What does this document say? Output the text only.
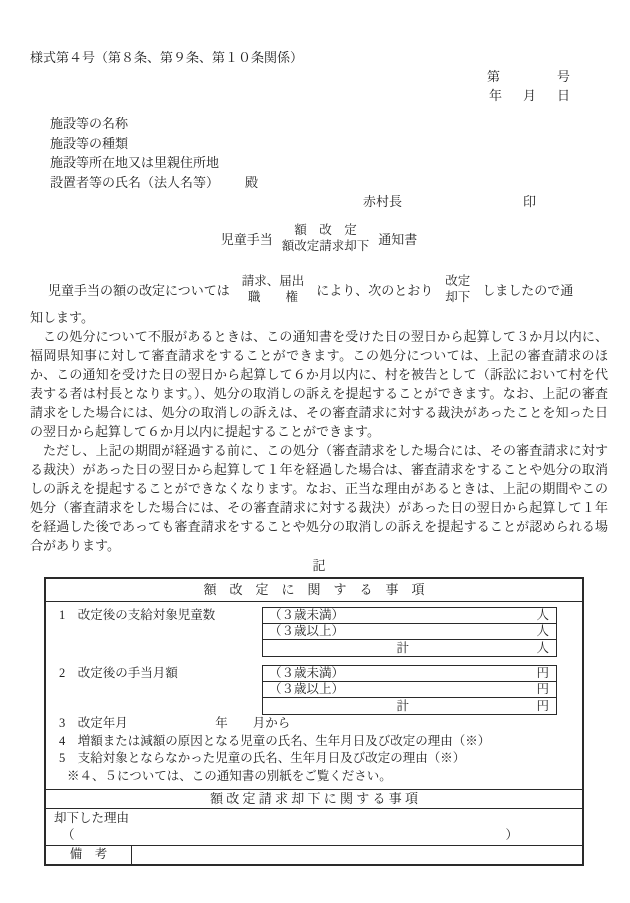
様式第４号（第８条、第９条、第１０条関係）
第	号
年 月 日
施設等の名称
施設等の種類
施設等所在地又は里親住所地
設置者等の氏名（法人名等） 殿
赤村長	印
児童手当
額　改　定
額改定請求却下 通知書
児童手当の額の改定については
請求、届出
職　　権	により、次のとおり
改定
却下 しましたので通

知します。

この処分について不服があるときは、この通知書を受けた日の翌日から起算して３か月以内に、福岡県知事に対して審査請求をすることができます。この処分については、上記の審査請求のほか、この通知を受けた日の翌日から起算して６か月以内に、村を被告として（訴訟において村を代表する者は村長となります。）、処分の取消しの訴えを提起することができます。なお、上記の審査請求をした場合には、処分の取消しの訴えは、その審査請求に対する裁決があったことを知った日の翌日から起算して６か月以内に提起することができます。

ただし、上記の期間が経過する前に、この処分（審査請求をした場合には、その審査請求に対する裁決）があった日の翌日から起算して１年を経過した場合は、審査請求をすることや処分の取消しの訴えを提起することができなくなります。なお、正当な理由があるときは、上記の期間やこの処分（審査請求をした場合には、その審査請求に対する裁決）があった日の翌日から起算して１年を経過した後であっても審査請求をすることや処分の取消しの訴えを提起することが認められる場合があります。

記
額　改　定　に　関　す　る　事　項
1　 改定後の支給対象児童数	（３歳未満）	人
（３歳以上）	人
計	人
2　 改定後の手当月額	（３歳未満）	円
（３歳以上）	円
計	円
3　改定年月　　　　　　　年　　月から
4　増額または減額の原因となる児童の氏名、生年月日及び改定の理由（※）
5　支給対象とならなかった児童の氏名、生年月日及び改定の理由（※）
※４、５については、この通知書の別紙をご覧ください。
額 改 定 請 求 却 下 に 関 す る 事 項
却下した理由
（	）
備　考
